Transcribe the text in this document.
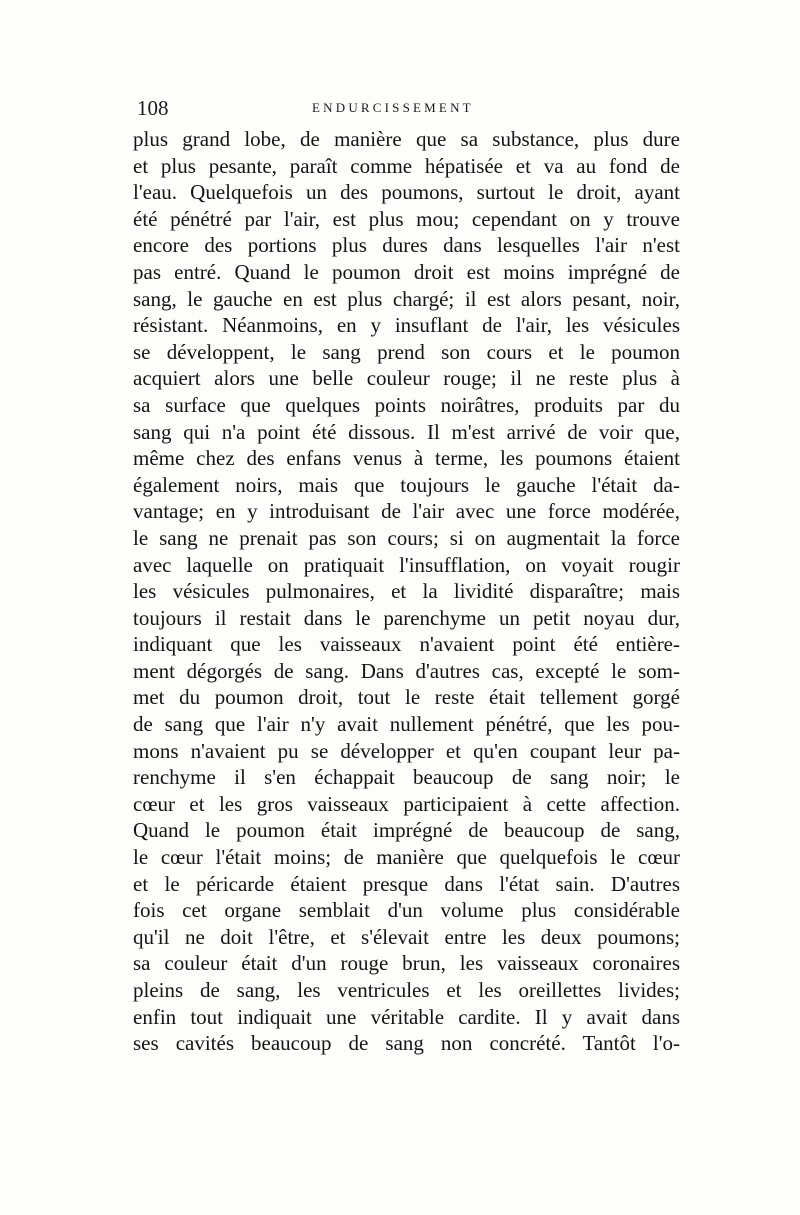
108	ENDURCISSEMENT
plus grand lobe, de manière que sa substance, plus dure
et plus pesante, paraît comme hépatisée et va au fond de
l'eau. Quelquefois un des poumons, surtout le droit, ayant
été pénétré par l'air, est plus mou; cependant on y trouve
encore des portions plus dures dans lesquelles l'air n'est
pas entré. Quand le poumon droit est moins imprégné de
sang, le gauche en est plus chargé; il est alors pesant, noir,
résistant. Néanmoins, en y insuflant de l'air, les vésicules
se développent, le sang prend son cours et le poumon
acquiert alors une belle couleur rouge; il ne reste plus à
sa surface que quelques points noirâtres, produits par du
sang qui n'a point été dissous. Il m'est arrivé de voir que,
même chez des enfans venus à terme, les poumons étaient
également noirs, mais que toujours le gauche l'était da-
vantage; en y introduisant de l'air avec une force modérée,
le sang ne prenait pas son cours; si on augmentait la force
avec laquelle on pratiquait l'insufflation, on voyait rougir
les vésicules pulmonaires, et la lividité disparaître; mais
toujours il restait dans le parenchyme un petit noyau dur,
indiquant que les vaisseaux n'avaient point été entière-
ment dégorgés de sang. Dans d'autres cas, excepté le som-
met du poumon droit, tout le reste était tellement gorgé
de sang que l'air n'y avait nullement pénétré, que les pou-
mons n'avaient pu se développer et qu'en coupant leur pa-
renchyme il s'en échappait beaucoup de sang noir; le
cœur et les gros vaisseaux participaient à cette affection.
Quand le poumon était imprégné de beaucoup de sang,
le cœur l'était moins; de manière que quelquefois le cœur
et le péricarde étaient presque dans l'état sain. D'autres
fois cet organe semblait d'un volume plus considérable
qu'il ne doit l'être, et s'élevait entre les deux poumons;
sa couleur était d'un rouge brun, les vaisseaux coronaires
pleins de sang, les ventricules et les oreillettes livides;
enfin tout indiquait une véritable cardite. Il y avait dans
ses cavités beaucoup de sang non concrété. Tantôt l'o-
